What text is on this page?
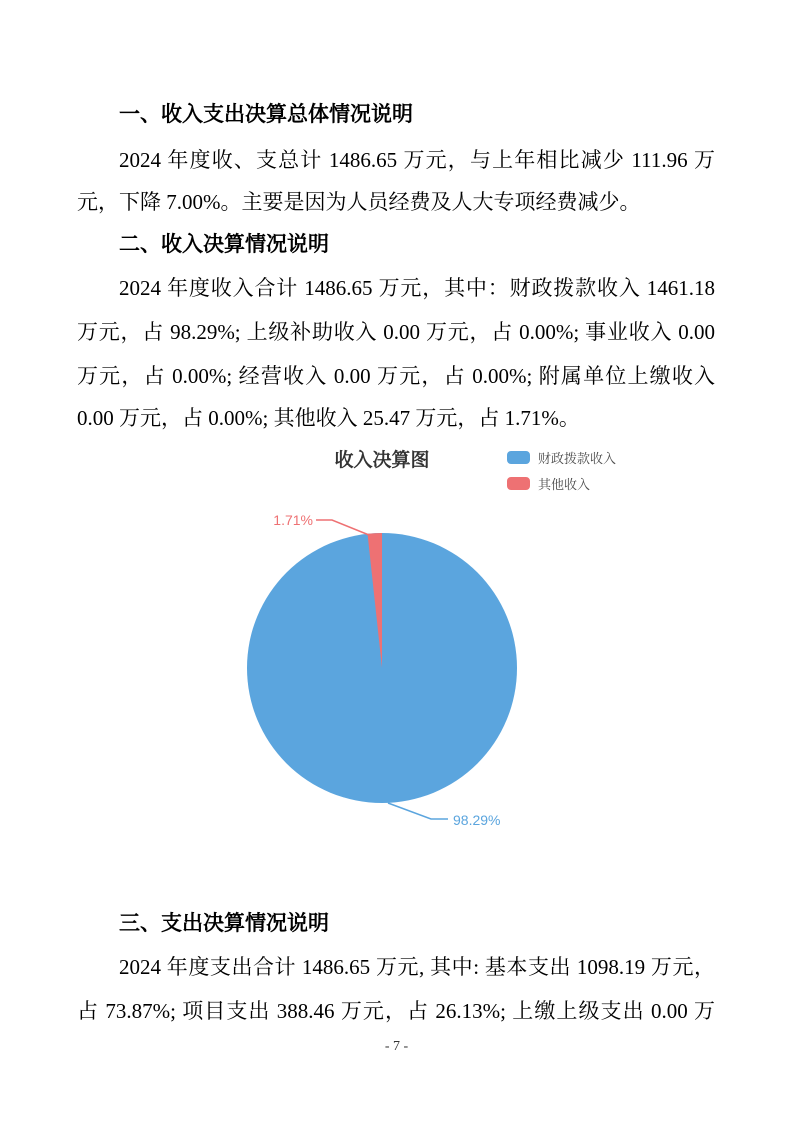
一、收入支出决算总体情况说明
2024 年度收、支总计 1486.65 万元，与上年相比减少 111.96 万
元，下降 7.00%。主要是因为人员经费及人大专项经费减少。
二、收入决算情况说明
2024 年度收入合计 1486.65 万元，其中：财政拨款收入 1461.18
万元，占 98.29%; 上级补助收入 0.00 万元，占 0.00%; 事业收入 0.00
万元，占 0.00%; 经营收入 0.00 万元，占 0.00%; 附属单位上缴收入
0.00 万元，占 0.00%; 其他收入 25.47 万元，占 1.71%。
收入决算图	财政拨款收入
其他收入
1.71%
98.29%
三、支出决算情况说明
2024 年度支出合计 1486.65 万元, 其中: 基本支出 1098.19 万元，
占 73.87%; 项目支出 388.46 万元，占 26.13%; 上缴上级支出 0.00 万
- 7 -
